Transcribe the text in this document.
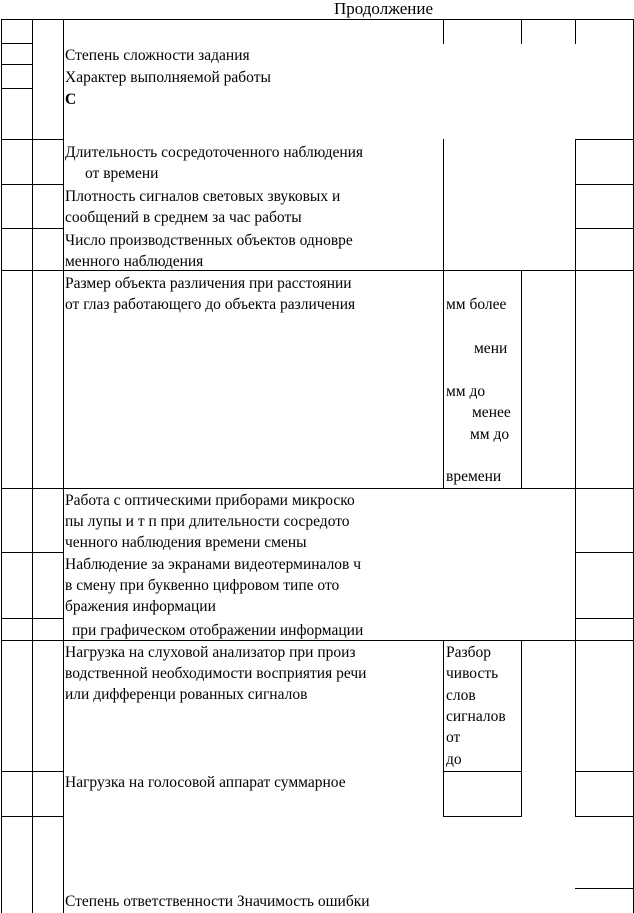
Продолжение
Степень сложности задания
Характер выполняемой работы
С
Длительность сосредоточенного наблюдения
от времени
Плотность сигналов световых звуковых и
сообщений в среднем за час работы
Число производственных объектов одновре
менного наблюдения
Размер объекта различения при расстоянии
от глаз работающего до объекта различения
Работа с оптическими приборами микроско
пы лупы и т п при длительности сосредото
ченного наблюдения времени смены
Наблюдение за экранами видеотерминалов ч
в смену при буквенно цифровом типе ото
бражения информации
при графическом отображении информации
Нагрузка на слуховой анализатор при произ
водственной необходимости восприятия речи
или дифференци рованных сигналов
Нагрузка на голосовой аппарат суммарное
Степень ответственности Значимость ошибки
мм более
мени
мм до
менее
мм до
времени
Разбор
чивость
слов
сигналов
от
до
